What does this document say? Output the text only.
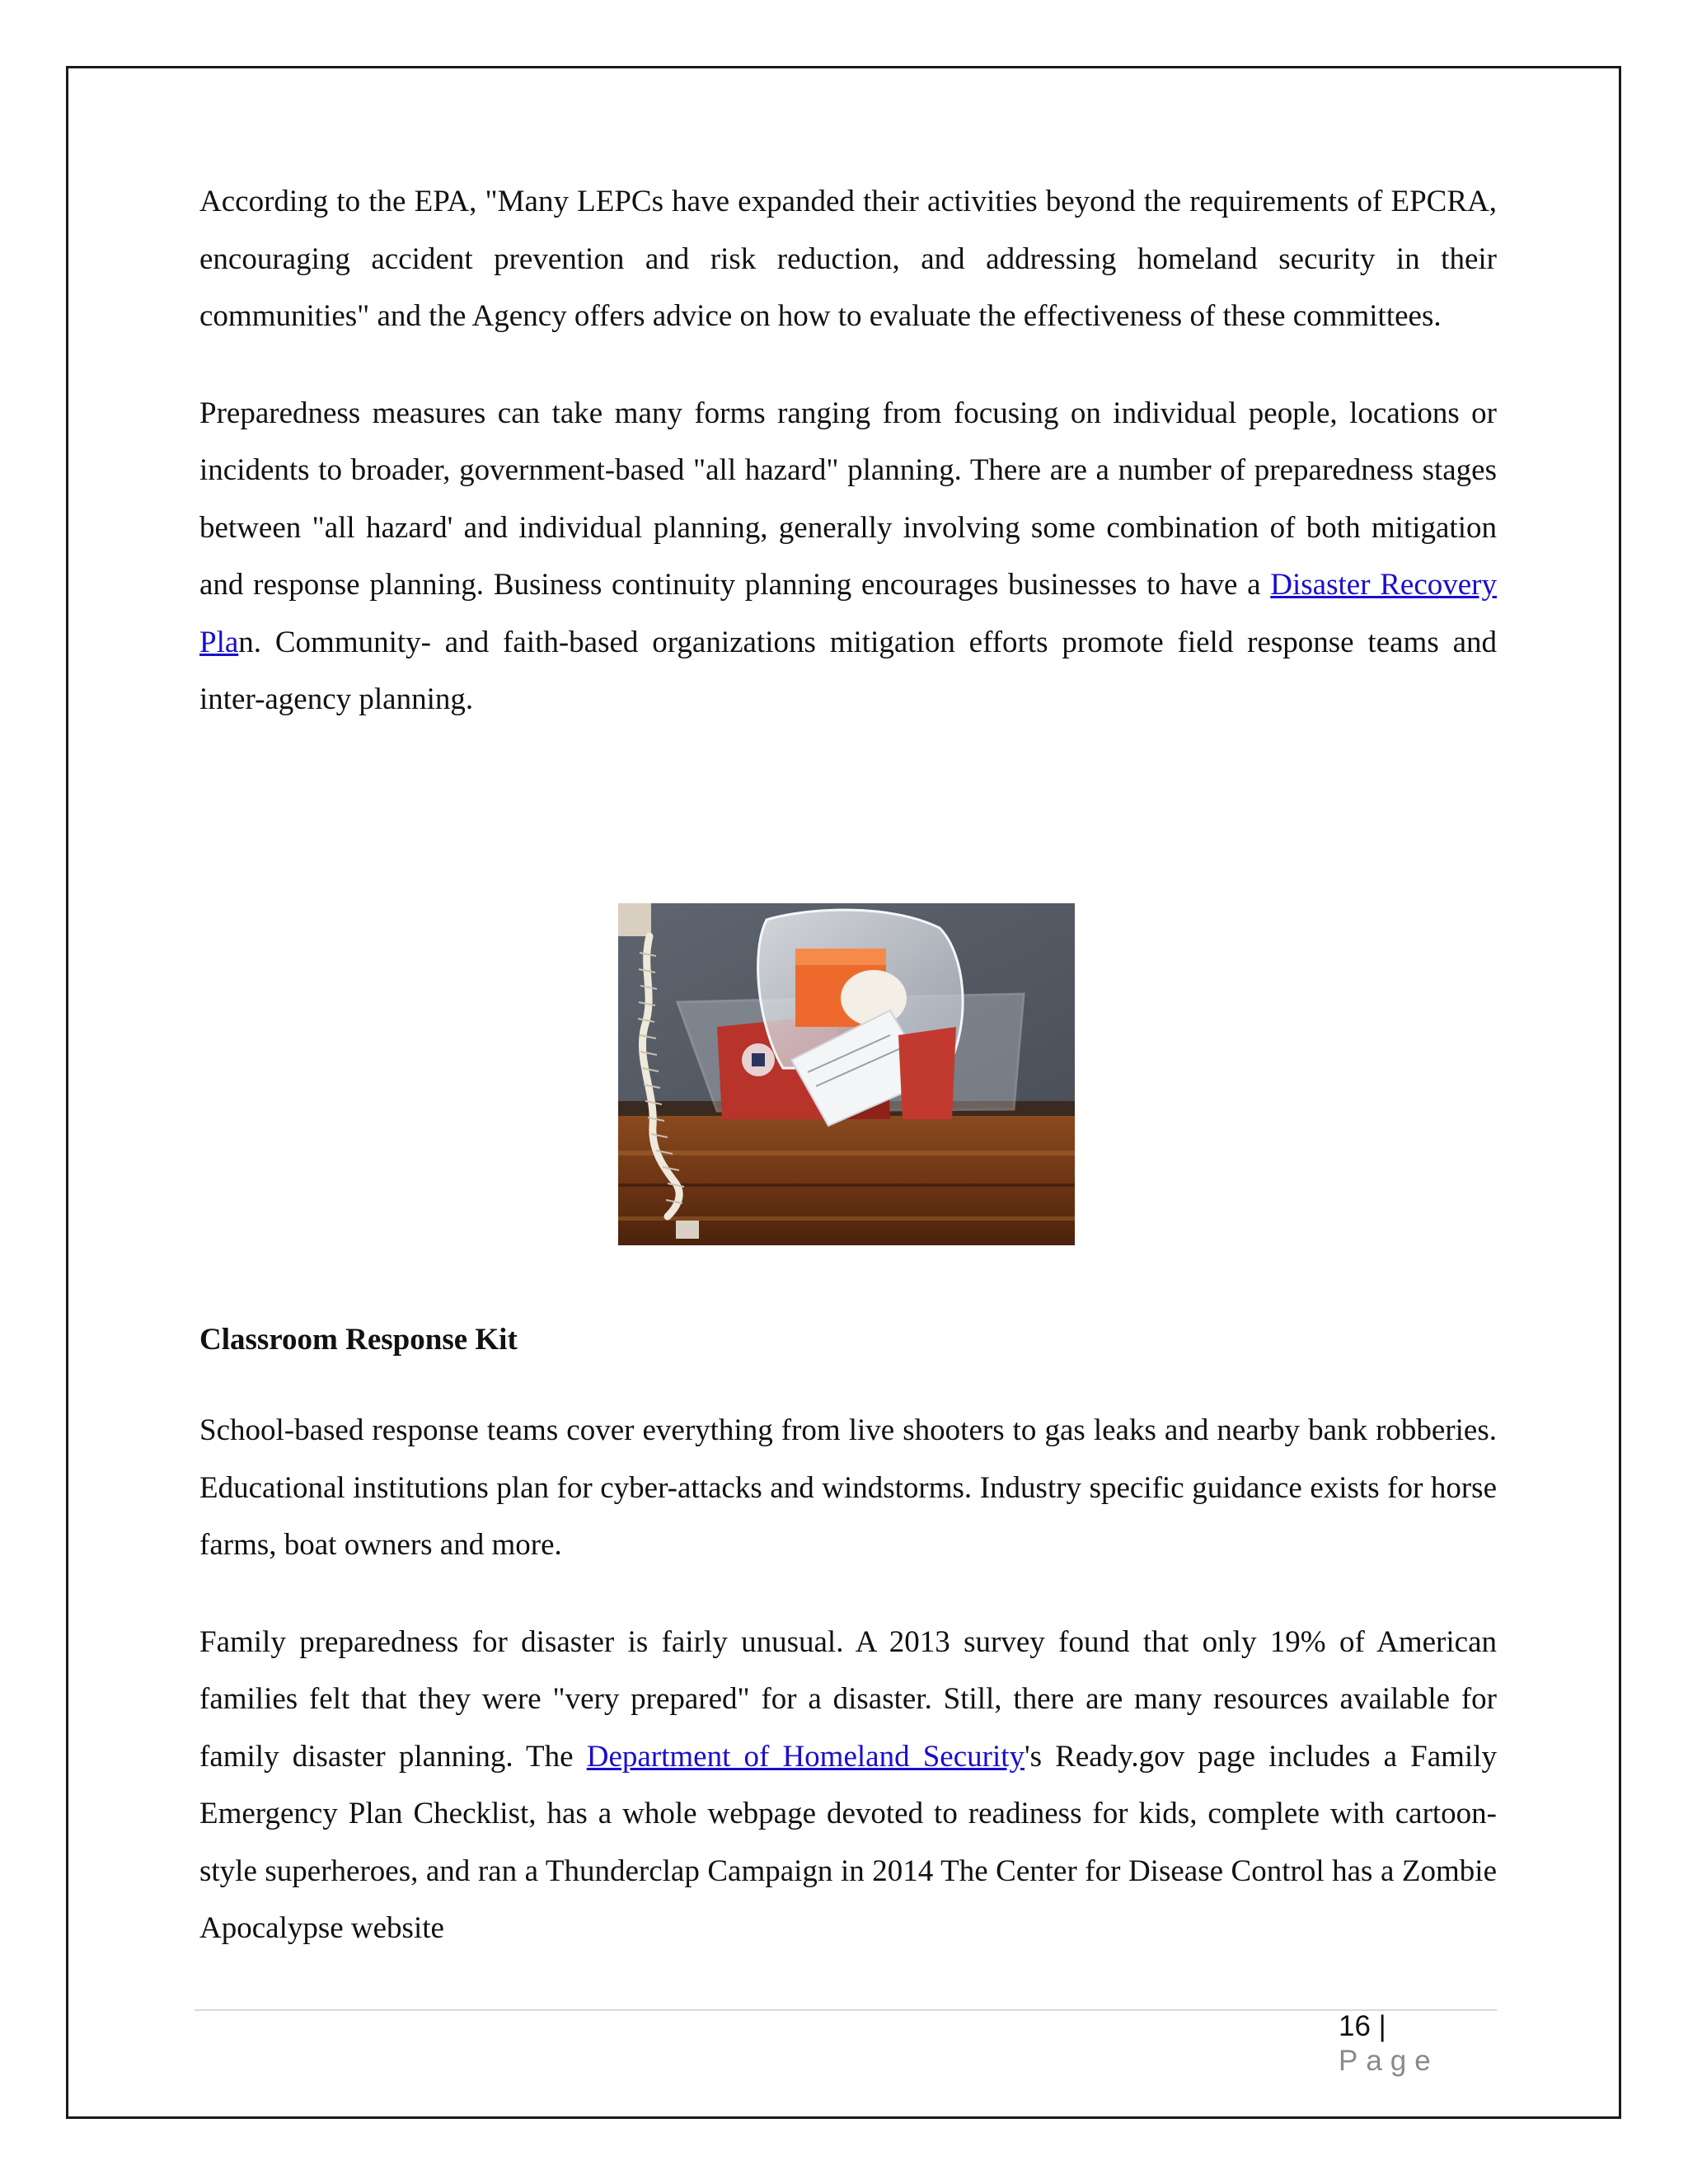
According to the EPA, "Many LEPCs have expanded their activities beyond the requirements of EPCRA, encouraging accident prevention and risk reduction, and addressing homeland security in their communities" and the Agency offers advice on how to evaluate the effectiveness of these committees.

Preparedness measures can take many forms ranging from focusing on individual people, locations or incidents to broader, government-based "all hazard" planning. There are a number of preparedness stages between "all hazard' and individual planning, generally involving some combination of both mitigation and response planning. Business continuity planning encourages businesses to have a Disaster Recovery Plan. Community- and faith-based organizations mitigation efforts promote field response teams and inter-agency planning.

Classroom Response Kit

School-based response teams cover everything from live shooters to gas leaks and nearby bank robberies. Educational institutions plan for cyber-attacks and windstorms. Industry specific guidance exists for horse farms, boat owners and more.

Family preparedness for disaster is fairly unusual. A 2013 survey found that only 19% of American families felt that they were "very prepared" for a disaster. Still, there are many resources available for family disaster planning. The Department of Homeland Security's Ready.gov page includes a Family Emergency Plan Checklist, has a whole webpage devoted to readiness for kids, complete with cartoon-style superheroes, and ran a Thunderclap Campaign in 2014 The Center for Disease Control has a Zombie Apocalypse website

16 | Page
